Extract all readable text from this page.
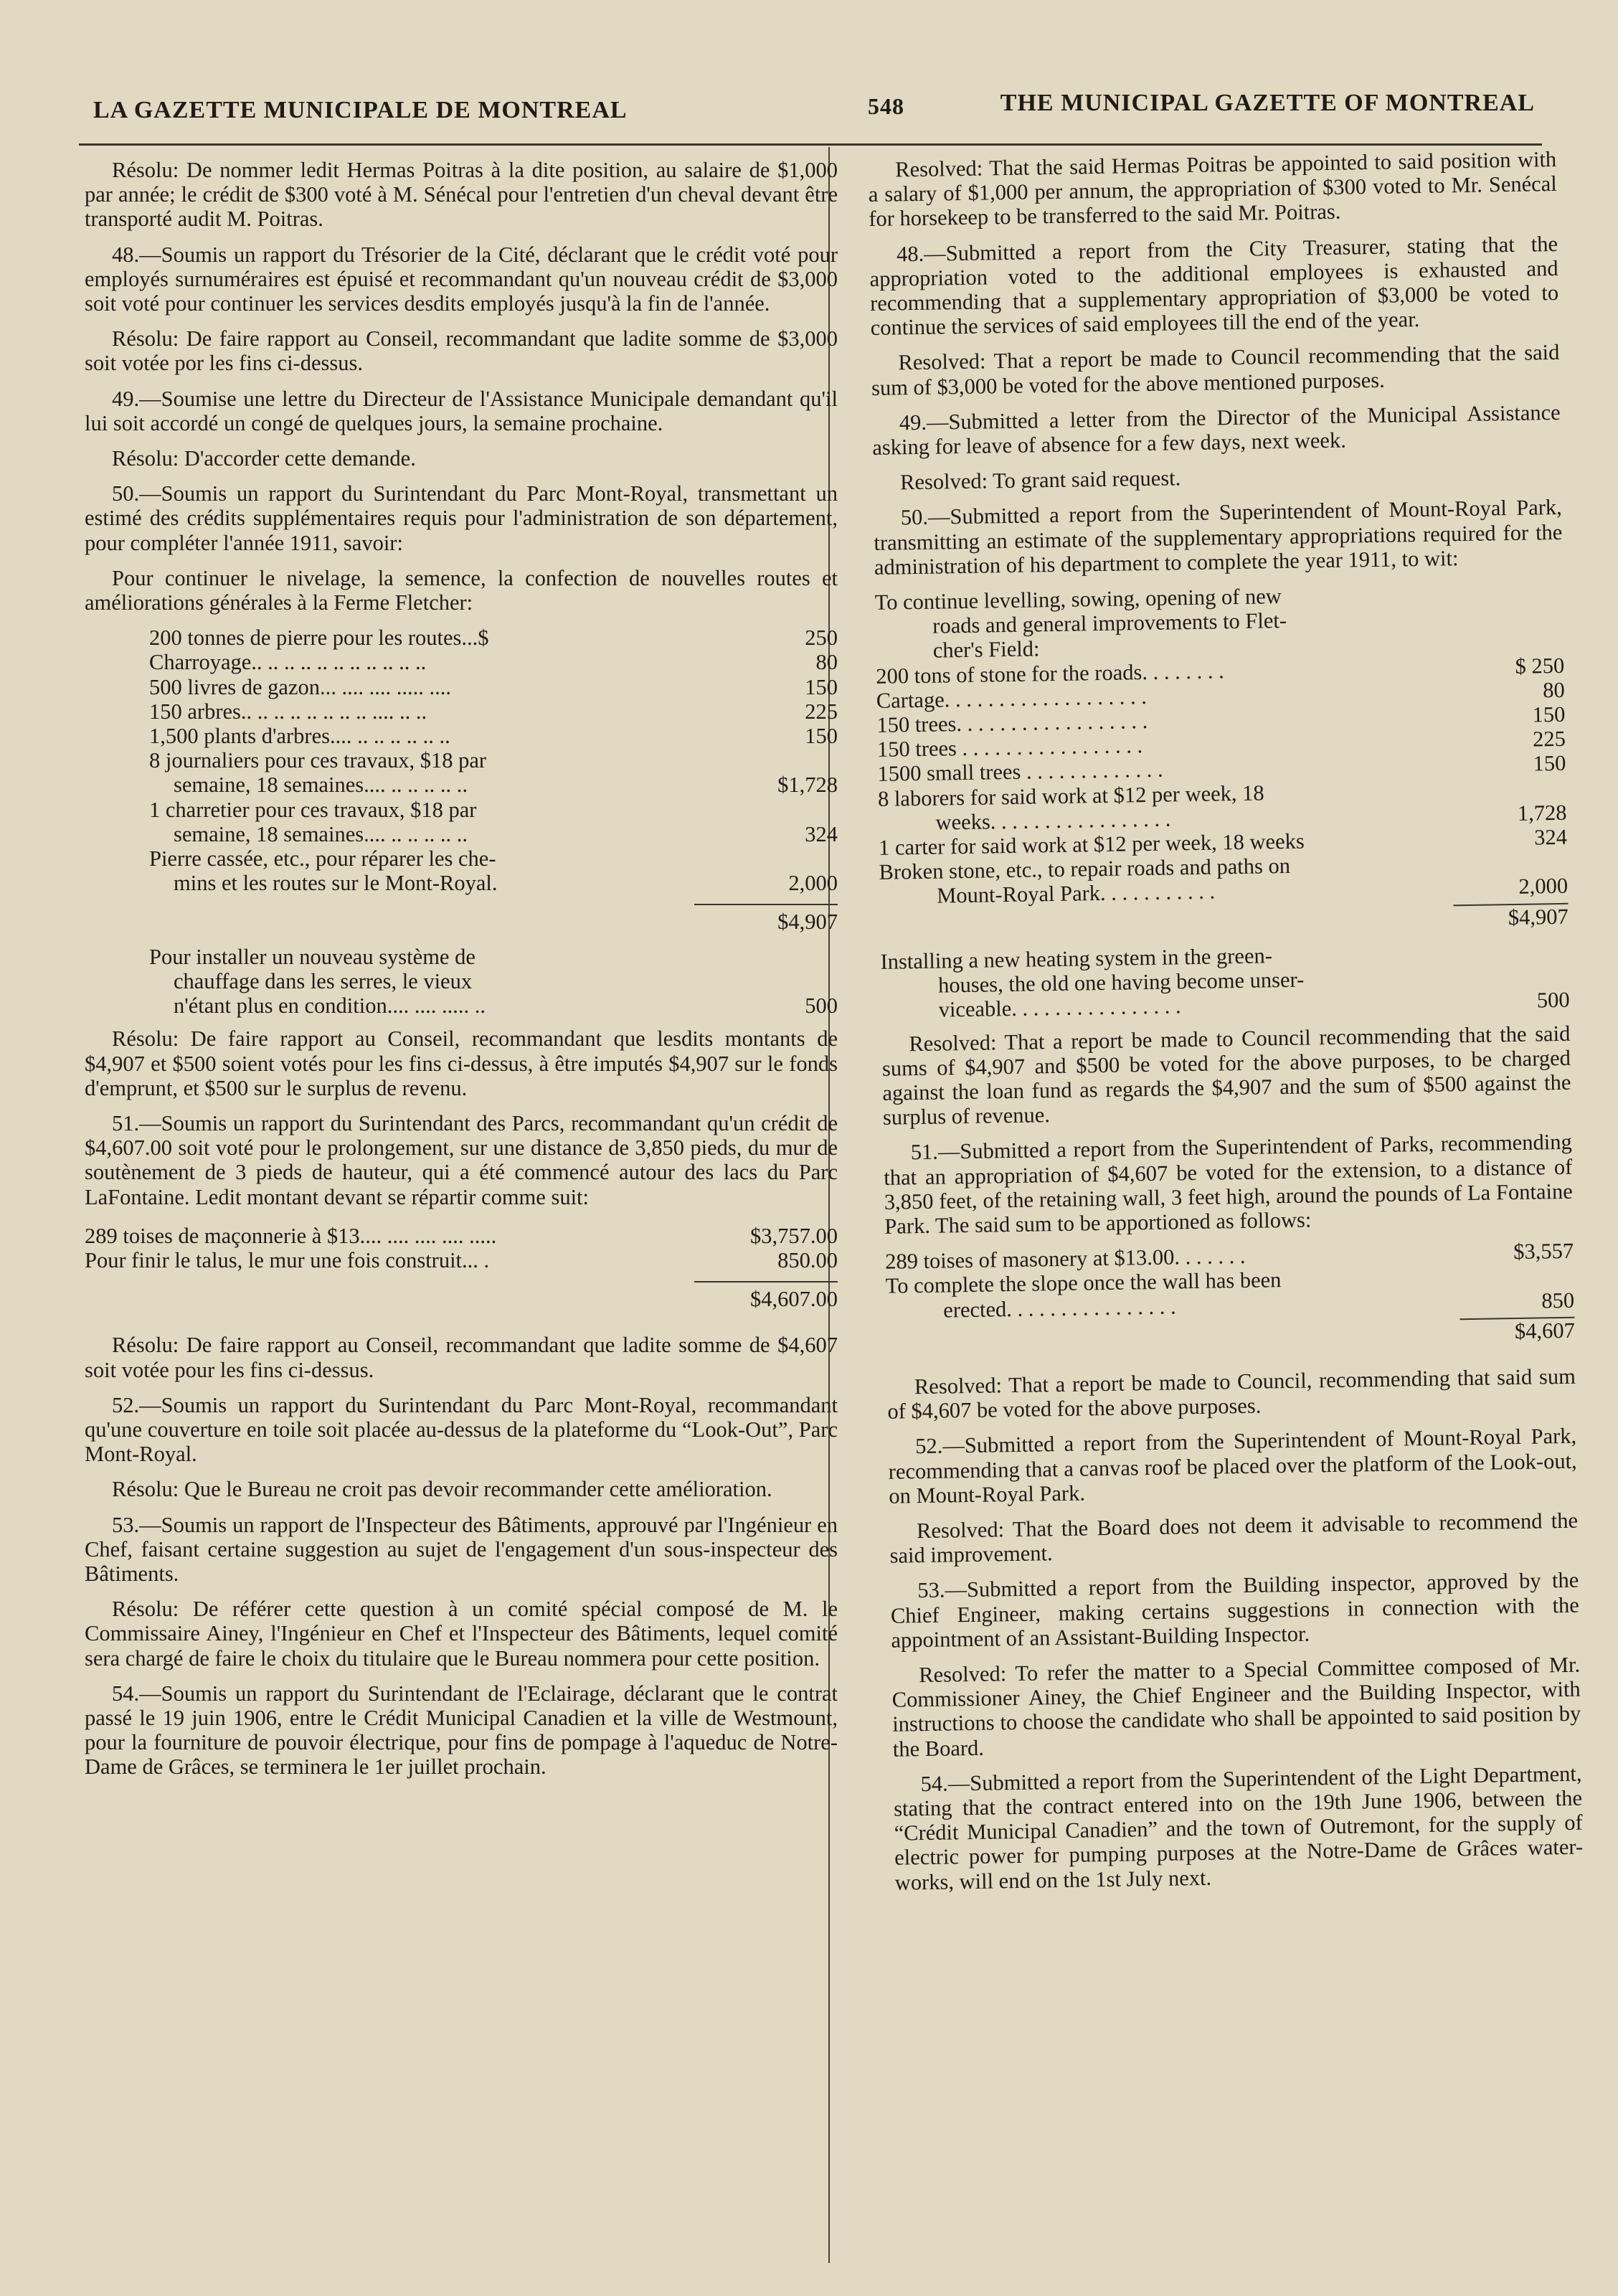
LA GAZETTE MUNICIPALE DE MONTREAL	548	THE MUNICIPAL GAZETTE OF MONTREAL

Résolu: De nommer ledit Hermas Poitras à la dite position, au salaire de $1,000 par année; le crédit de $300 voté à M. Sénécal pour l'entretien d'un cheval devant être transporté audit M. Poitras.

48.—Soumis un rapport du Trésorier de la Cité, déclarant que le crédit voté pour employés surnuméraires est épuisé et recommandant qu'un nouveau crédit de $3,000 soit voté pour continuer les services desdits employés jusqu'à la fin de l'année.

Résolu: De faire rapport au Conseil, recommandant que ladite somme de $3,000 soit votée por les fins ci-dessus.

49.—Soumise une lettre du Directeur de l'Assistance Municipale demandant qu'il lui soit accordé un congé de quelques jours, la semaine prochaine.

Résolu: D'accorder cette demande.

50.—Soumis un rapport du Surintendant du Parc Mont-Royal, transmettant un estimé des crédits supplémentaires requis pour l'administration de son département, pour compléter l'année 1911, savoir:

Pour continuer le nivelage, la semence, la confection de nouvelles routes et améliorations générales à la Ferme Fletcher:

200 tonnes de pierre pour les routes...$	250
Charroyage.. .. .. .. .. .. .. .. .. .. ..	80
500 livres de gazon... .... .... ..... ....	150
150 arbres.. .. .. .. .. .. .. .. .... .. ..	225
1,500 plants d'arbres.... .. .. .. .. .. ..	150
8 journaliers pour ces travaux, $18 par
semaine, 18 semaines.... .. .. .. .. ..	$1,728
1 charretier pour ces travaux, $18 par
semaine, 18 semaines.... .. .. .. .. ..	324
Pierre cassée, etc., pour réparer les che-
mins et les routes sur le Mont-Royal.	2,000
$4,907
Pour installer un nouveau système de
chauffage dans les serres, le vieux
n'étant plus en condition.... .... ..... ..	500

Résolu: De faire rapport au Conseil, recommandant que lesdits montants de $4,907 et $500 soient votés pour les fins ci-dessus, à être imputés $4,907 sur le fonds d'emprunt, et $500 sur le surplus de revenu.

51.—Soumis un rapport du Surintendant des Parcs, recommandant qu'un crédit de $4,607.00 soit voté pour le prolongement, sur une distance de 3,850 pieds, du mur de soutènement de 3 pieds de hauteur, qui a été commencé autour des lacs du Parc LaFontaine. Ledit montant devant se répartir comme suit:

289 toises de maçonnerie à $13.... .... .... .... .....	$3,757.00
Pour finir le talus, le mur une fois construit... .	850.00
$4,607.00

Résolu: De faire rapport au Conseil, recommandant que ladite somme de $4,607 soit votée pour les fins ci-dessus.

52.—Soumis un rapport du Surintendant du Parc Mont-Royal, recommandant qu'une couverture en toile soit placée au-dessus de la plateforme du “Look-Out”, Parc Mont-Royal.

Résolu: Que le Bureau ne croit pas devoir recommander cette amélioration.

53.—Soumis un rapport de l'Inspecteur des Bâtiments, approuvé par l'Ingénieur en Chef, faisant certaine suggestion au sujet de l'engagement d'un sous-inspecteur des Bâtiments.

Résolu: De référer cette question à un comité spécial composé de M. le Commissaire Ainey, l'Ingénieur en Chef et l'Inspecteur des Bâtiments, lequel comité sera chargé de faire le choix du titulaire que le Bureau nommera pour cette position.

54.—Soumis un rapport du Surintendant de l'Eclairage, déclarant que le contrat passé le 19 juin 1906, entre le Crédit Municipal Canadien et la ville de Westmount, pour la fourniture de pouvoir électrique, pour fins de pompage à l'aqueduc de Notre-Dame de Grâces, se terminera le 1er juillet prochain.

Resolved: That the said Hermas Poitras be appointed to said position with a salary of $1,000 per annum, the appropriation of $300 voted to Mr. Senécal for horsekeep to be transferred to the said Mr. Poitras.

48.—Submitted a report from the City Treasurer, stating that the appropriation voted to the additional employees is exhausted and recommending that a supplementary appropriation of $3,000 be voted to continue the services of said employees till the end of the year.

Resolved: That a report be made to Council recommending that the said sum of $3,000 be voted for the above mentioned purposes.

49.—Submitted a letter from the Director of the Municipal Assistance asking for leave of absence for a few days, next week.

Resolved: To grant said request.

50.—Submitted a report from the Superintendent of Mount-Royal Park, transmitting an estimate of the supplementary appropriations required for the administration of his department to complete the year 1911, to wit:

To continue levelling, sowing, opening of new
roads and general improvements to Flet-
cher's Field:
200 tons of stone for the roads. . . . . . . .	$ 250
Cartage. . . . . . . . . . . . . . . . . . .	80
150 trees. . . . . . . . . . . . . . . . . .	150
150 trees . . . . . . . . . . . . . . . . .	225
1500 small trees . . . . . . . . . . . . .	150
8 laborers for said work at $12 per week, 18
weeks. . . . . . . . . . . . . . . . .	1,728
1 carter for said work at $12 per week, 18 weeks	324
Broken stone, etc., to repair roads and paths on
Mount-Royal Park. . . . . . . . . . .	2,000
$4,907
Installing a new heating system in the green-
houses, the old one having become unser-
viceable. . . . . . . . . . . . . . . .	500

Resolved: That a report be made to Council recommending that the said sums of $4,907 and $500 be voted for the above purposes, to be charged against the loan fund as regards the $4,907 and the sum of $500 against the surplus of revenue.

51.—Submitted a report from the Superintendent of Parks, recommending that an appropriation of $4,607 be voted for the extension, to a distance of 3,850 feet, of the retaining wall, 3 feet high, around the pounds of La Fontaine Park. The said sum to be apportioned as follows:

289 toises of masonery at $13.00. . . . . . .	$3,557
To complete the slope once the wall has been
erected. . . . . . . . . . . . . . . .	850
$4,607

Resolved: That a report be made to Council, recommending that said sum of $4,607 be voted for the above purposes.

52.—Submitted a report from the Superintendent of Mount-Royal Park, recommending that a canvas roof be placed over the platform of the Look-out, on Mount-Royal Park.

Resolved: That the Board does not deem it advisable to recommend the said improvement.

53.—Submitted a report from the Building inspector, approved by the Chief Engineer, making certains suggestions in connection with the appointment of an Assistant-Building Inspector.

Resolved: To refer the matter to a Special Committee composed of Mr. Commissioner Ainey, the Chief Engineer and the Building Inspector, with instructions to choose the candidate who shall be appointed to said position by the Board.

54.—Submitted a report from the Superintendent of the Light Department, stating that the contract entered into on the 19th June 1906, between the “Crédit Municipal Canadien” and the town of Outremont, for the supply of electric power for pumping purposes at the Notre-Dame de Grâces water-works, will end on the 1st July next.
